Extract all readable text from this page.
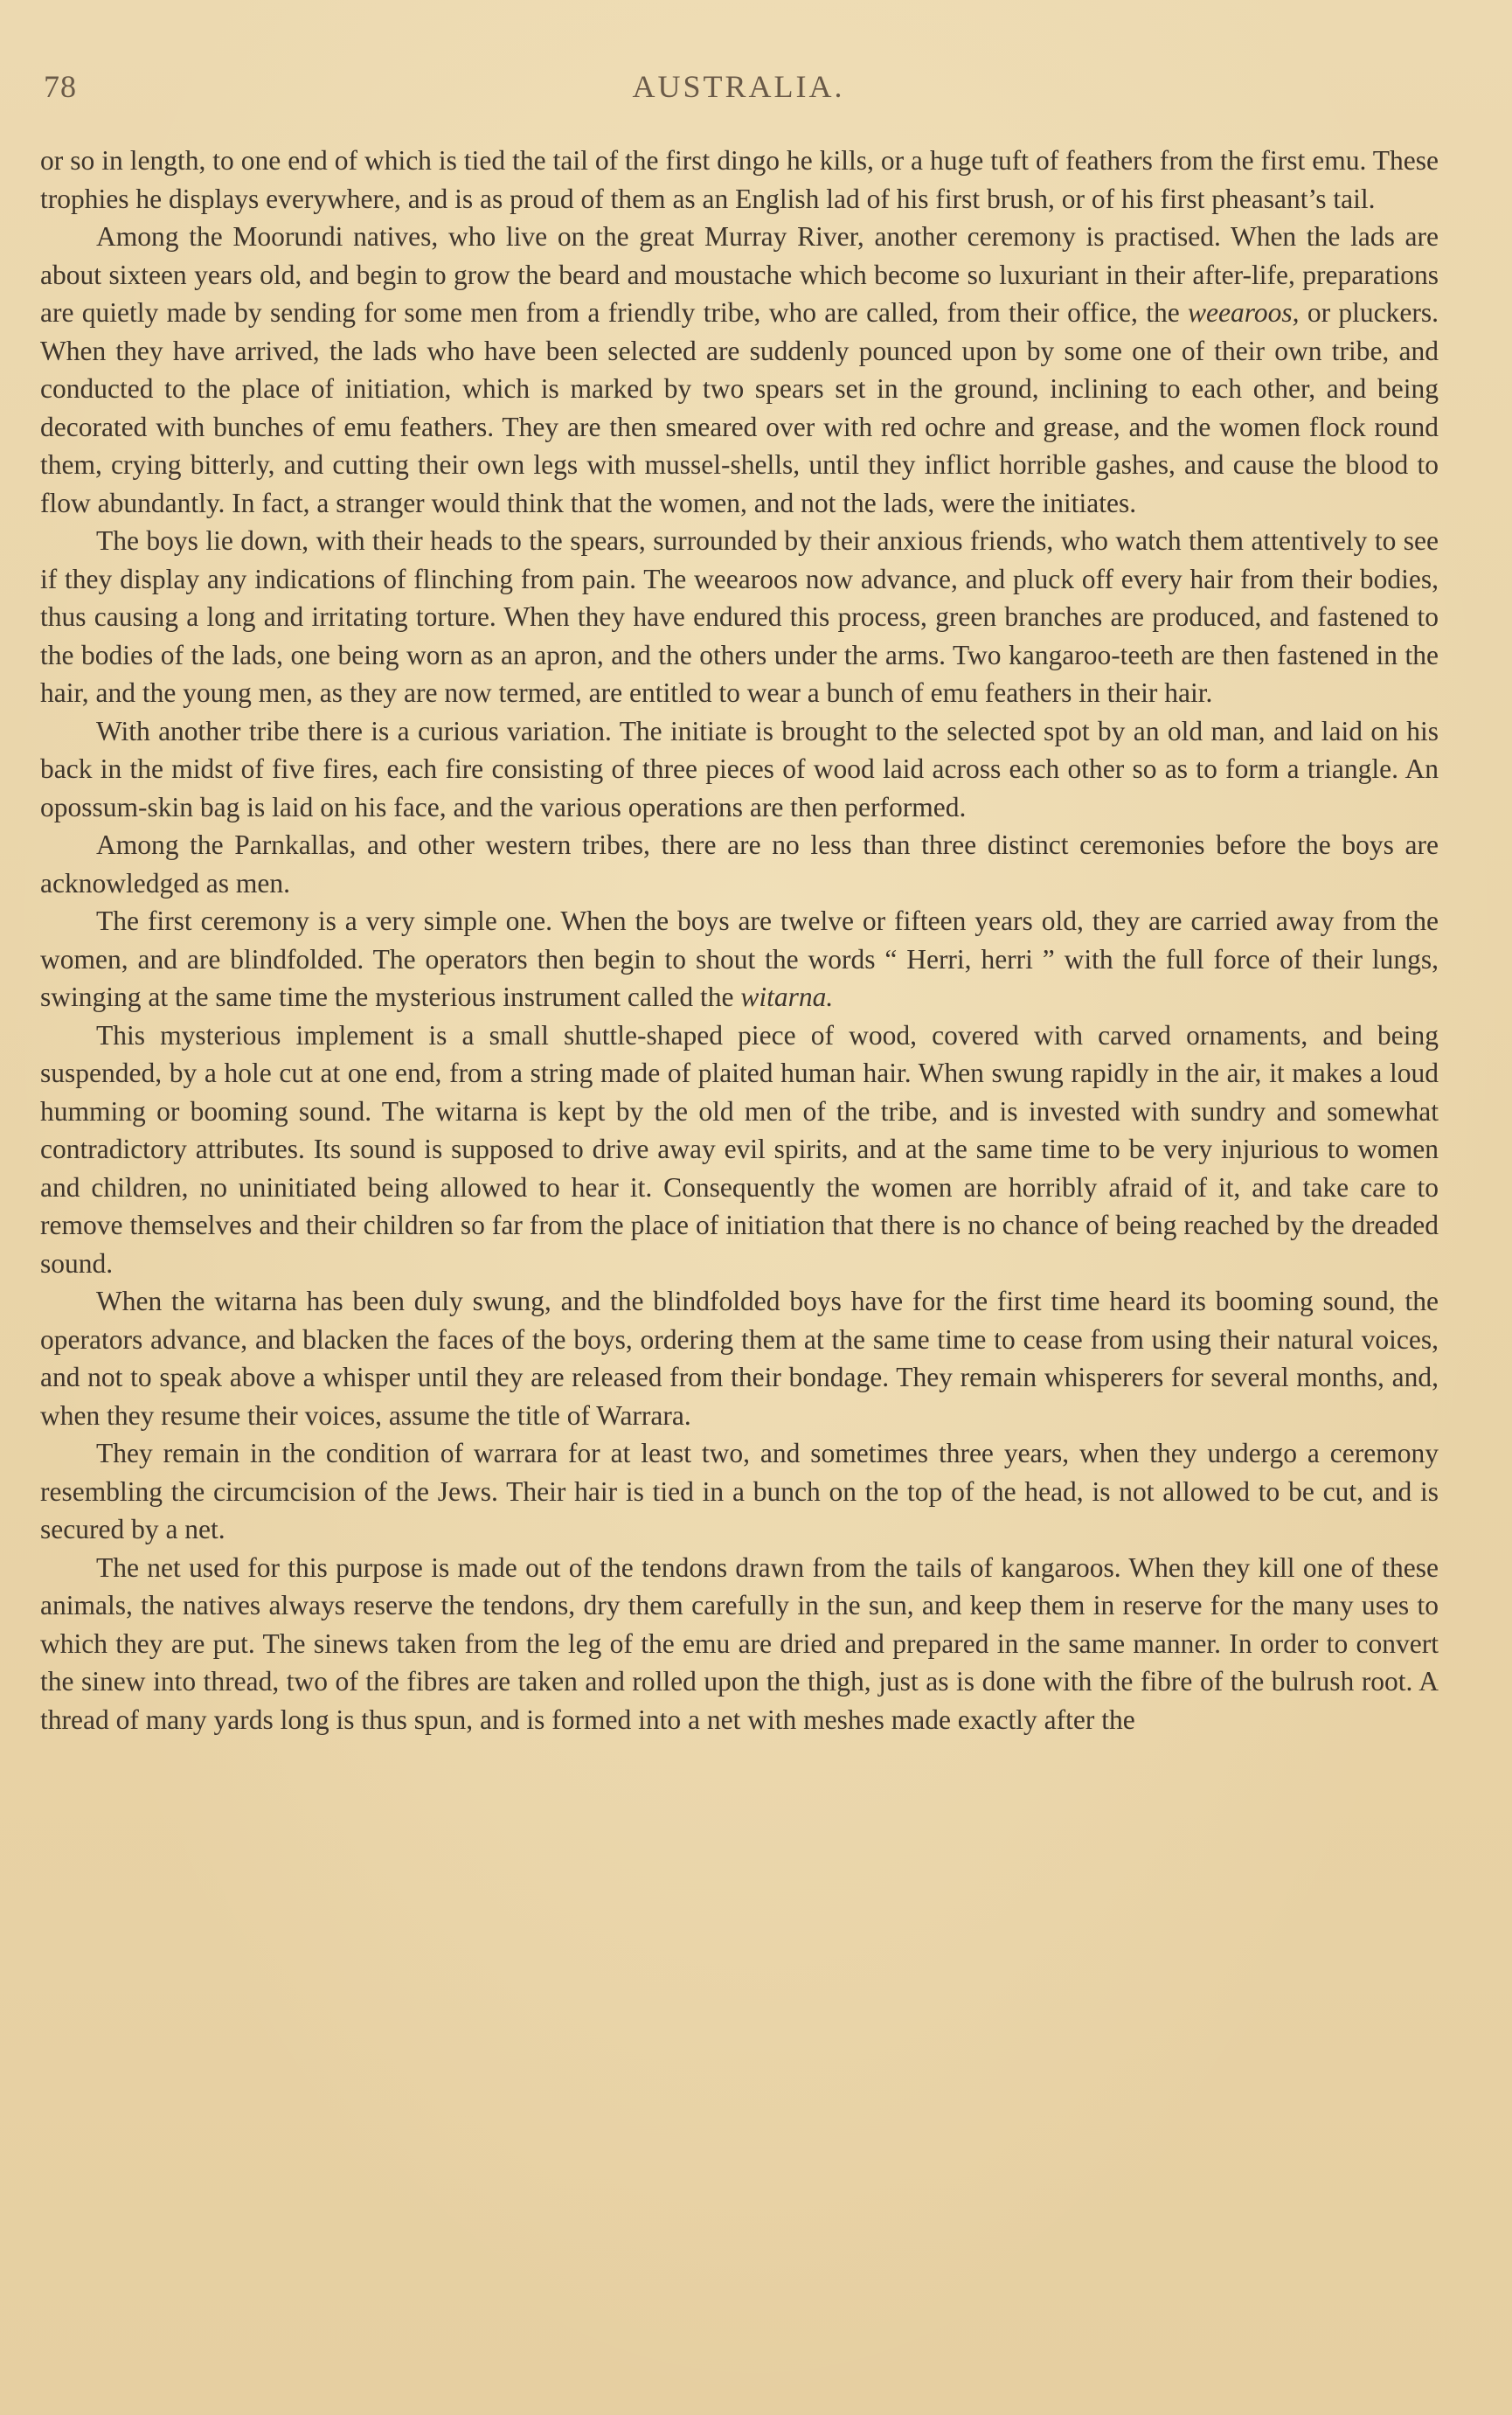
78	AUSTRALIA.

or so in length, to one end of which is tied the tail of the first dingo he kills, or a huge tuft of feathers from the first emu. These trophies he displays everywhere, and is as proud of them as an English lad of his first brush, or of his first pheasant’s tail.

Among the Moorundi natives, who live on the great Murray River, another ceremony is practised. When the lads are about sixteen years old, and begin to grow the beard and moustache which become so luxuriant in their after-life, preparations are quietly made by sending for some men from a friendly tribe, who are called, from their office, the weearoos, or pluckers. When they have arrived, the lads who have been selected are suddenly pounced upon by some one of their own tribe, and conducted to the place of initiation, which is marked by two spears set in the ground, inclining to each other, and being decorated with bunches of emu feathers. They are then smeared over with red ochre and grease, and the women flock round them, crying bitterly, and cutting their own legs with mussel-shells, until they inflict horrible gashes, and cause the blood to flow abundantly. In fact, a stranger would think that the women, and not the lads, were the initiates.

The boys lie down, with their heads to the spears, surrounded by their anxious friends, who watch them attentively to see if they display any indications of flinching from pain. The weearoos now advance, and pluck off every hair from their bodies, thus causing a long and irritating torture. When they have endured this process, green branches are produced, and fastened to the bodies of the lads, one being worn as an apron, and the others under the arms. Two kangaroo-teeth are then fastened in the hair, and the young men, as they are now termed, are entitled to wear a bunch of emu feathers in their hair.

With another tribe there is a curious variation. The initiate is brought to the selected spot by an old man, and laid on his back in the midst of five fires, each fire consisting of three pieces of wood laid across each other so as to form a triangle. An opossum-skin bag is laid on his face, and the various operations are then performed.

Among the Parnkallas, and other western tribes, there are no less than three distinct ceremonies before the boys are acknowledged as men.

The first ceremony is a very simple one. When the boys are twelve or fifteen years old, they are carried away from the women, and are blindfolded. The operators then begin to shout the words “ Herri, herri ” with the full force of their lungs, swinging at the same time the mysterious instrument called the witarna.

This mysterious implement is a small shuttle-shaped piece of wood, covered with carved ornaments, and being suspended, by a hole cut at one end, from a string made of plaited human hair. When swung rapidly in the air, it makes a loud humming or booming sound. The witarna is kept by the old men of the tribe, and is invested with sundry and somewhat contradictory attributes. Its sound is supposed to drive away evil spirits, and at the same time to be very injurious to women and children, no uninitiated being allowed to hear it. Consequently the women are horribly afraid of it, and take care to remove themselves and their children so far from the place of initiation that there is no chance of being reached by the dreaded sound.

When the witarna has been duly swung, and the blindfolded boys have for the first time heard its booming sound, the operators advance, and blacken the faces of the boys, ordering them at the same time to cease from using their natural voices, and not to speak above a whisper until they are released from their bondage. They remain whisperers for several months, and, when they resume their voices, assume the title of Warrara.

They remain in the condition of warrara for at least two, and sometimes three years, when they undergo a ceremony resembling the circumcision of the Jews. Their hair is tied in a bunch on the top of the head, is not allowed to be cut, and is secured by a net.

The net used for this purpose is made out of the tendons drawn from the tails of kangaroos. When they kill one of these animals, the natives always reserve the tendons, dry them carefully in the sun, and keep them in reserve for the many uses to which they are put. The sinews taken from the leg of the emu are dried and prepared in the same manner. In order to convert the sinew into thread, two of the fibres are taken and rolled upon the thigh, just as is done with the fibre of the bulrush root. A thread of many yards long is thus spun, and is formed into a net with meshes made exactly after the
